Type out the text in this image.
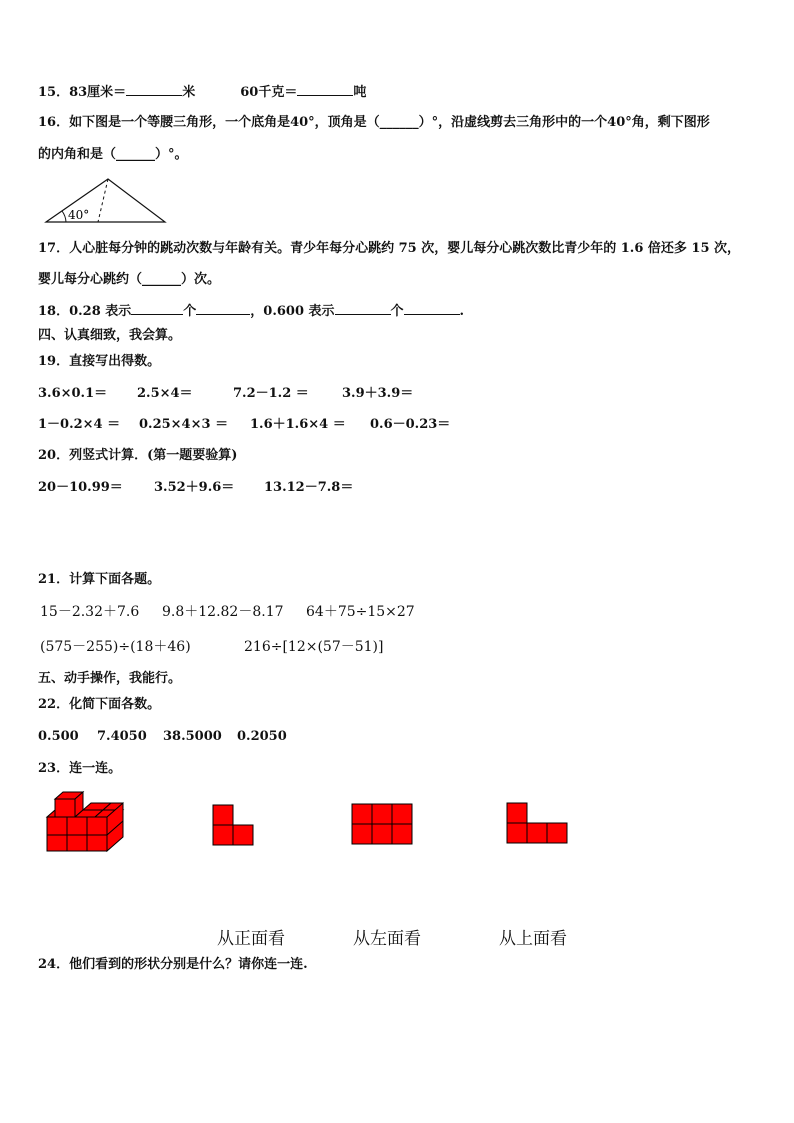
15．83厘米＝	米	60千克＝	吨
16．如下图是一个等腰三角形，一个底角是40°，顶角是（______）°，沿虚线剪去三角形中的一个40°角，剩下图形
的内角和是（______）°。
40°
17．人心脏每分钟的跳动次数与年龄有关。青少年每分心跳约 75 次，婴儿每分心跳次数比青少年的 1.6 倍还多 15 次，
婴儿每分心跳约（______）次。
18．0.28 表示	个	，0.600 表示	个	.
四、认真细致，我会算。
19．直接写出得数。
3.6×0.1＝ 2.5×4＝	7.2－1.2 ＝	3.9＋3.9＝
1－0.2×4 ＝ 0.25×4×3 ＝ 1.6＋1.6×4 ＝ 0.6－0.23＝
20．列竖式计算．(第一题要验算)
20－10.99＝ 3.52＋9.6＝ 13.12－7.8＝
21．计算下面各题。
15－2.32＋7.6 9.8＋12.82－8.17 64＋75÷15×27
(575－255)÷(18＋46)	216÷[12×(57－51)]
五、动手操作，我能行。
22．化简下面各数。
0.500 7.4050 38.5000 0.2050
23．连一连。
从正面看	从左面看	从上面看
24．他们看到的形状分别是什么？请你连一连.
